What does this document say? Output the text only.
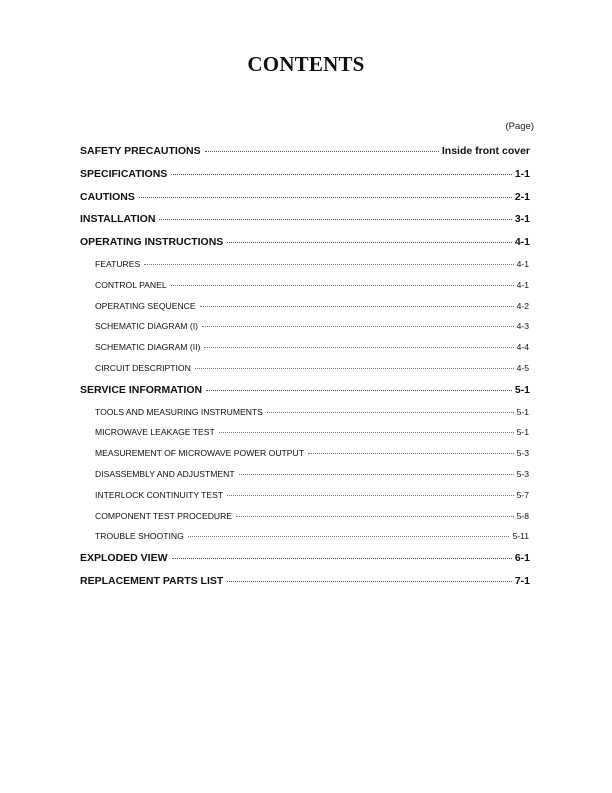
CONTENTS
(Page)
SAFETY PRECAUTIONS	Inside front cover
SPECIFICATIONS	1-1
CAUTIONS	2-1
INSTALLATION	3-1
OPERATING INSTRUCTIONS	4-1
FEATURES	4-1
CONTROL PANEL	4-1
OPERATING SEQUENCE	4-2
SCHEMATIC DIAGRAM (I)	4-3
SCHEMATIC DIAGRAM (II)	4-4
CIRCUIT DESCRIPTION	4-5
SERVICE INFORMATION	5-1
TOOLS AND MEASURING INSTRUMENTS	5-1
MICROWAVE LEAKAGE TEST	5-1
MEASUREMENT OF MICROWAVE POWER OUTPUT	5-3
DISASSEMBLY AND ADJUSTMENT	5-3
INTERLOCK CONTINUITY TEST	5-7
COMPONENT TEST PROCEDURE	5-8
TROUBLE SHOOTING	5-11
EXPLODED VIEW	6-1
REPLACEMENT PARTS LIST	7-1
